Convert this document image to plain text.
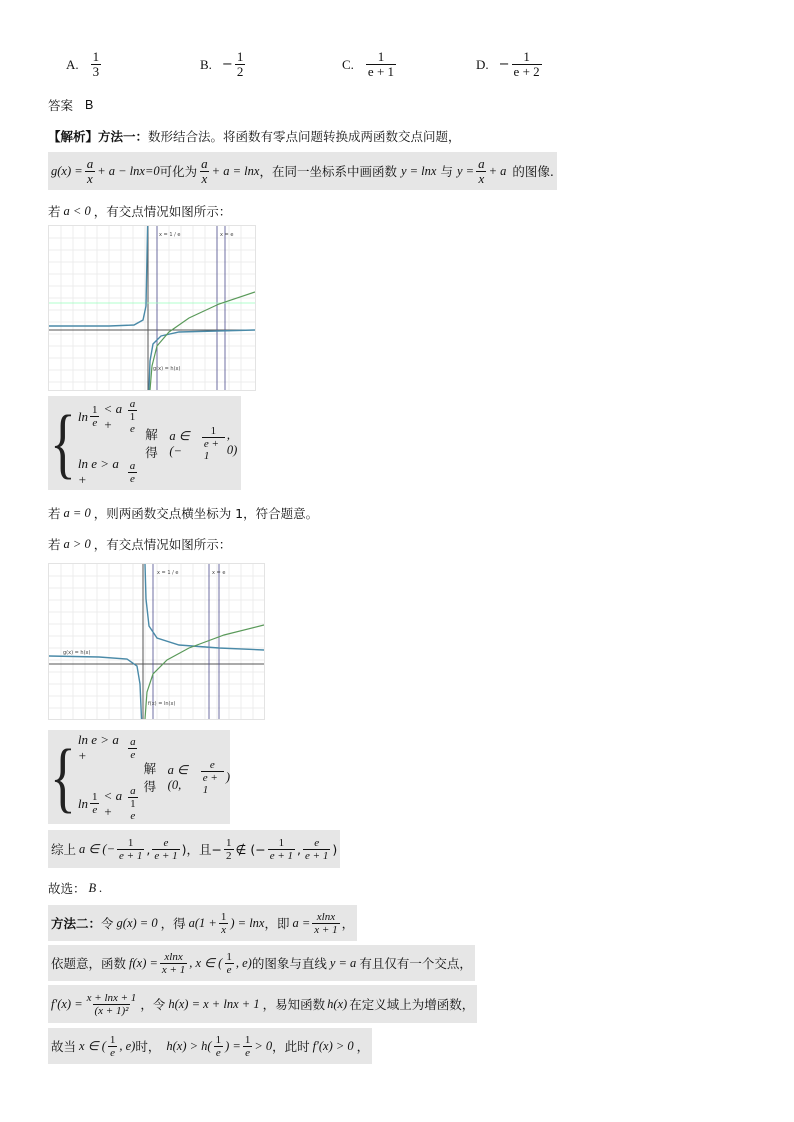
A. $\frac{1}{3}$	B. − $\frac{1}{2}$	C. $\frac{1}{e + 1}$	D. − $\frac{1}{e + 2}$
答案 B
【解析】 方法一： 数形结合法。将函数有零点问题转换成两函数交点问题，
$g(x) = \frac{a}{x} + a - \ln x=0$ 可化为 $\frac{a}{x} + a = \ln x$ ，在同一坐标系中画函数 y = lnx 与 $y = \frac{a}{x} + a$ 的图像.
若 a < 0 ，有交点情况如图所示：
x = 1 / e	x = e
g(x) = h(x)
{ $\ln \frac{1}{e} < a$ +
a
1
e
ln e > a +	$\frac{a}{e}$
解得
a ∈ (−	$\frac{1}{e + 1}$ , 0)
若 a = 0 ，则两函数交点横坐标为 1，符合题意。
若 a > 0 ，有交点情况如图所示：
x = 1 / e	x = e
g(x) = h(x)
f(x) = ln(x)
{ ln e > a +	$\frac{a}{e}$
$\ln \frac{1}{e} < a$ +
a
1
e
解得
a ∈ (0,	$\frac{e}{e + 1}$ )
综上 a ∈ (− $\frac{1}{e + 1}$ , $\frac{e}{e + 1}$ ) ，且 − $\frac{1}{2}$ ∉ (− $\frac{1}{e + 1}$ , $\frac{e}{e + 1}$ )
故选： B .
方法二： 令 g(x) = 0 ，得 $a(1 + \frac{1}{x}$ ) = lnx ，即 $a = \frac{xlnx}{x + 1}$ ，
依题意，函数 $f(x) = \frac{xlnx}{x + 1}$ , x ∈ ( $\frac{1}{e}$ , e) 的图象与直线 y = a 有且仅有一个交点，
$f'(x) = \frac{x + \ln x + 1}{\text{(x + 1)²}}$ ，令 h(x) = x + lnx + 1 ，易知函数 h(x) 在定义域上为增函数，
故当 x ∈ ( $\frac{1}{e}$ , e) 时， $h(x) > h( \frac{1}{e}$ ) = $\frac{1}{e} > 0$ ，此时 f′(x) > 0 ，
